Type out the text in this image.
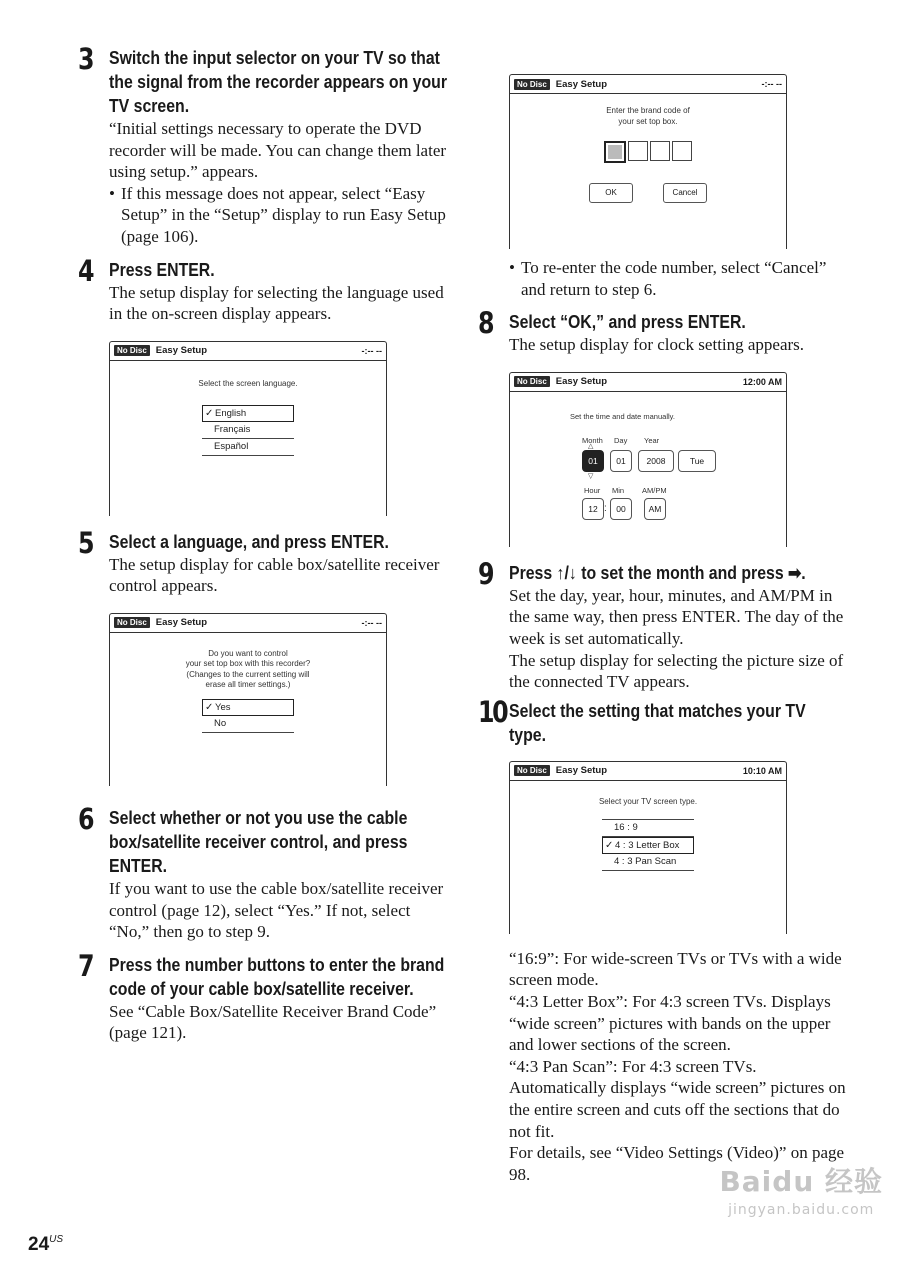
3 Switch the input selector on your TV so that the signal from the recorder appears on your TV screen.

“Initial settings necessary to operate the DVD recorder will be made. You can change them later using setup.” appears.

• If this message does not appear, select “Easy Setup” in the “Setup” display to run Easy Setup (page 106).
4 Press ENTER.

The setup display for selecting the language used in the on-screen display appears.

No Disc Easy Setup	-:-- --
Select the screen language.
✓ English
Français
Español
5 Select a language, and press ENTER.

The setup display for cable box/satellite receiver control appears.

No Disc Easy Setup	-:-- --
Do you want to control
your set top box with this recorder?
(Changes to the current setting will
erase all timer settings.)
✓ Yes
No
6 Select whether or not you use the cable box/satellite receiver control, and press ENTER.

If you want to use the cable box/satellite receiver control (page 12), select “Yes.” If not, select “No,” then go to step 9.

7 Press the number buttons to enter the brand code of your cable box/satellite receiver.

See “Cable Box/Satellite Receiver Brand Code” (page 121).

No Disc Easy Setup	-:-- --
Enter the brand code of
your set top box.
OK	Cancel
• To re-enter the code number, select “Cancel” and return to step 6.
8 Select “OK,” and press ENTER.

The setup display for clock setting appears.

No Disc Easy Setup	12:00 AM
Set the time and date manually.
Month Day Year
△
01
▽
01	2008	Tue
Hour Min AM/PM
12 :	00	AM
9 Press ↑/↓ to set the month and press ➡.

Set the day, year, hour, minutes, and AM/PM in the same way, then press ENTER. The day of the week is set automatically.

The setup display for selecting the picture size of the connected TV appears.

10 Select the setting that matches your TV type.
No Disc Easy Setup	10:10 AM
Select your TV screen type.
16 : 9
✓ 4 : 3 Letter Box
4 : 3 Pan Scan

“16:9”: For wide-screen TVs or TVs with a wide screen mode.

“4:3 Letter Box”: For 4:3 screen TVs. Displays “wide screen” pictures with bands on the upper and lower sections of the screen.

“4:3 Pan Scan”: For 4:3 screen TVs. Automatically displays “wide screen” pictures on the entire screen and cuts off the sections that do not fit.

For details, see “Video Settings (Video)” on page 98.	Baidu 经验
jingyan.baidu.com
$24^{US}$
